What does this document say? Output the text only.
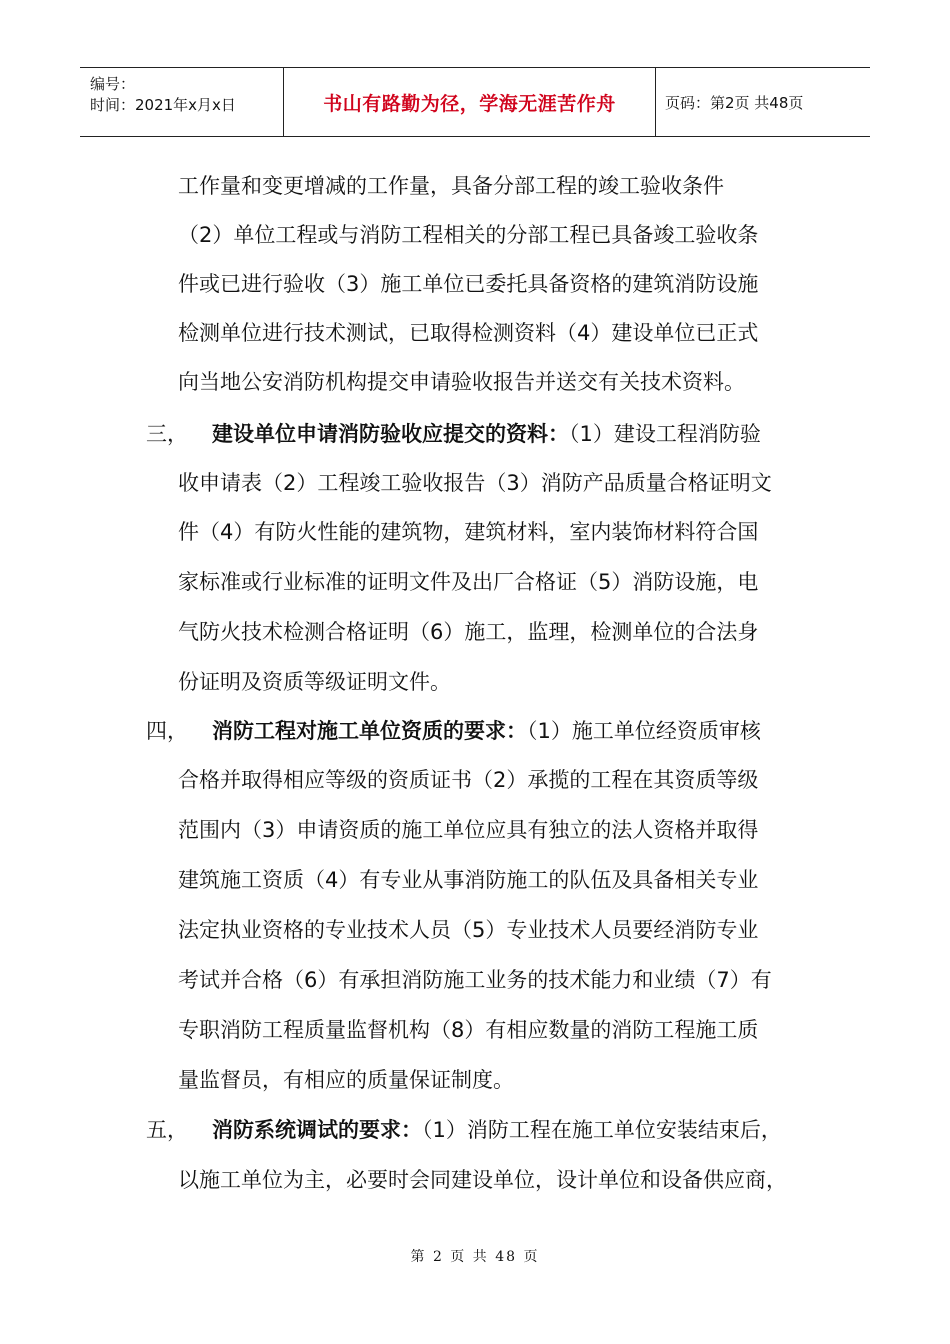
编号：
时间：2021年x月x日	书山有路勤为径，学海无涯苦作舟	页码：第2页 共48页
工作量和变更增减的工作量，具备分部工程的竣工验收条件
（2）单位工程或与消防工程相关的分部工程已具备竣工验收条
件或已进行验收（3）施工单位已委托具备资格的建筑消防设施
检测单位进行技术测试，已取得检测资料（4）建设单位已正式
向当地公安消防机构提交申请验收报告并送交有关技术资料。
三， 建设单位申请消防验收应提交的资料：（1）建设工程消防验
收申请表（2）工程竣工验收报告（3）消防产品质量合格证明文
件（4）有防火性能的建筑物，建筑材料，室内装饰材料符合国
家标准或行业标准的证明文件及出厂合格证（5）消防设施，电
气防火技术检测合格证明（6）施工，监理，检测单位的合法身
份证明及资质等级证明文件。
四， 消防工程对施工单位资质的要求：（1）施工单位经资质审核
合格并取得相应等级的资质证书（2）承揽的工程在其资质等级
范围内（3）申请资质的施工单位应具有独立的法人资格并取得
建筑施工资质（4）有专业从事消防施工的队伍及具备相关专业
法定执业资格的专业技术人员（5）专业技术人员要经消防专业
考试并合格（6）有承担消防施工业务的技术能力和业绩（7）有
专职消防工程质量监督机构（8）有相应数量的消防工程施工质
量监督员，有相应的质量保证制度。
五， 消防系统调试的要求：（1）消防工程在施工单位安装结束后，
以施工单位为主，必要时会同建设单位，设计单位和设备供应商，
第 2 页 共 48 页
